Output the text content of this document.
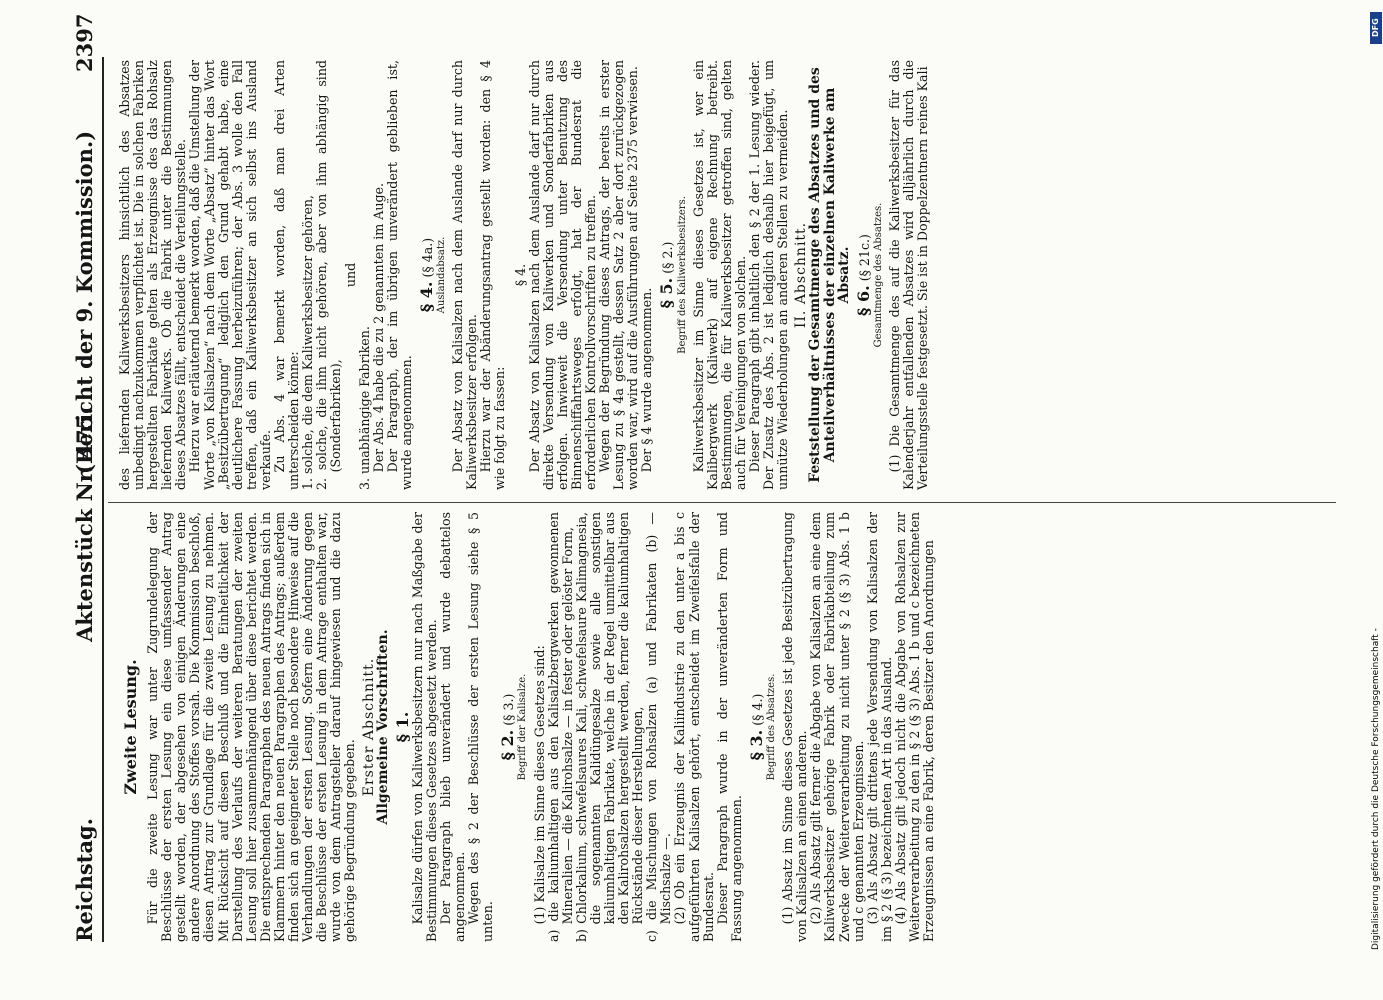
Reichstag.
Aktenstück Nr. 475.
(Bericht der 9. Kommission.)
2397
Zweite Lesung. Für die zweite Lesung war unter Zugrundelegung der Beschlüsse der ersten Lesung ein diese umfassender Antrag gestellt worden, der abgesehen von einigen Änderungen eine andere Anordnung des Stoffes vorsah. Die Kommission beschloß, diesen Antrag zur Grundlage für die zweite Lesung zu nehmen. Mit Rücksicht auf diesen Beschluß und die Einheitlichkeit der Darstellung des Verlaufs der weiteren Beratungen der zweiten Lesung soll hier zusammenhängend über diese berichtet werden. Die entsprechenden Paragraphen des neuen Antrags finden sich in Klammern hinter den neuen Paragraphen des Antrags; außerdem finden sich an geeigneter Stelle noch besondere Hinweise auf die Verhandlungen der ersten Lesung. Sofern eine Änderung gegen die Beschlüsse der ersten Lesung in dem Antrage enthalten war, wurde von dem Antragsteller darauf hingewiesen und die dazu gehörige Begründung gegeben.

Erster Abschnitt.
Allgemeine Vorschriften. § 1.

Kalisalze dürfen von Kaliwerksbesitzern nur nach Maßgabe der Bestimmungen dieses Gesetzes abgesetzt werden. Der Paragraph blieb unverändert und wurde debattelos angenommen. Wegen des § 2 der Beschlüsse der ersten Lesung siehe § 5 unten.

§ 2. (§ 3.) Begriff der Kalisalze. (1) Kalisalze im Sinne dieses Gesetzes sind: a) die kaliumhaltigen aus den Kalisalzbergwerken gewonnenen Mineralien — die Kalirohsalze — in fester oder gelöster Form, b) Chlorkalium, schwefelsaures Kali, schwefelsaure Kalimagnesia, die sogenannten Kalidüngesalze sowie alle sonstigen kaliumhaltigen Fabrikate, welche in der Regel unmittelbar aus den Kalirohsalzen hergestellt werden, ferner die kaliumhaltigen Rückstände dieser Herstellungen, c) die Mischungen von Rohsalzen (a) und Fabrikaten (b) — Mischsalze —. (2) Ob ein Erzeugnis der Kaliindustrie zu den unter a bis c aufgeführten Kalisalzen gehört, entscheidet im Zweifelsfalle der Bundesrat. Dieser Paragraph wurde in der unveränderten Form und Fassung angenommen.

§ 3. (§ 4.) Begriff des Absatzes. (1) Absatz im Sinne dieses Gesetzes ist jede Besitzübertragung von Kalisalzen an einen anderen. (2) Als Absatz gilt ferner die Abgabe von Kalisalzen an eine dem Kaliwerksbesitzer gehörige Fabrik oder Fabrikabteilung zum Zwecke der Weiterverarbeitung zu nicht unter § 2 (§ 3) Abs. 1 b und c genannten Erzeugnissen. (3) Als Absatz gilt drittens jede Versendung von Kalisalzen der im § 2 (§ 3) bezeichneten Art in das Ausland. (4) Als Absatz gilt jedoch nicht die Abgabe von Rohsalzen zur Weiterverarbeitung zu den in § 2 (§ 3) Abs. 1 b und c bezeichneten Erzeugnissen an eine Fabrik, deren Besitzer den Anordnungen

des liefernden Kaliwerksbesitzers hinsichtlich des Absatzes unbedingt nachzukommen verpflichtet ist. Die in solchen Fabriken hergestellten Fabrikate gelten als Erzeugnisse des das Rohsalz liefernden Kaliwerks. Ob die Fabrik unter die Bestimmungen dieses Absatzes fällt, entscheidet die Verteilungsstelle. Hierzu war erläuternd bemerkt worden, daß die Umstellung der Worte „von Kalisalzen“ nach dem Worte „Absatz“ hinter das Wort „Besitzübertragung“ lediglich den Grund gehabt habe, eine deutlichere Fassung herbeizuführen; der Abs. 3 wolle den Fall treffen, daß ein Kaliwerksbesitzer an sich selbst ins Ausland verkaufe. Zu Abs. 4 war bemerkt worden, daß man drei Arten unterscheiden könne: 1. solche, die dem Kaliwerksbesitzer gehören, 2. solche, die ihm nicht gehören, aber von ihm abhängig sind (Sonderfabriken),

und

3. unabhängige Fabriken. Der Abs. 4 habe die zu 2 genannten im Auge. Der Paragraph, der im übrigen unverändert geblieben ist, wurde angenommen.

§ 4. (§ 4a.) Auslandabsatz. Der Absatz von Kalisalzen nach dem Auslande darf nur durch Kaliwerksbesitzer erfolgen. Hierzu war der Abänderungsantrag gestellt worden: den § 4 wie folgt zu fassen:

§ 4. Der Absatz von Kalisalzen nach dem Auslande darf nur durch direkte Versendung von Kaliwerken und Sonderfabriken aus erfolgen. Inwieweit die Versendung unter Benutzung des Binnenschiffahrtsweges erfolgt, hat der Bundesrat die erforderlichen Kontrollvorschriften zu treffen. Wegen der Begründung dieses Antrags, der bereits in erster Lesung zu § 4a gestellt, dessen Satz 2 aber dort zurückgezogen worden war, wird auf die Ausführungen auf Seite 2375 verwiesen. Der § 4 wurde angenommen. § 5. (§ 2.) Begriff des Kaliwerksbesitzers. Kaliwerksbesitzer im Sinne dieses Gesetzes ist, wer ein Kalibergwerk (Kaliwerk) auf eigene Rechnung betreibt. Bestimmungen, die für Kaliwerksbesitzer getroffen sind, gelten auch für Vereinigungen von solchen. Dieser Paragraph gibt inhaltlich den § 2 der 1. Lesung wieder. Der Zusatz des Abs. 2 ist lediglich deshalb hier beigefügt, um unnütze Wiederholungen an anderen Stellen zu vermeiden. II. Abschnitt.
Feststellung der Gesamtmenge des Absatzes und des Anteilverhältnisses der einzelnen Kaliwerke am Absatz. § 6. (§ 21c.) Gesamtmenge des Absatzes. (1) Die Gesamtmenge des auf die Kaliwerksbesitzer für das Kalenderjahr entfallenden Absatzes wird alljährlich durch die Verteilungsstelle festgesetzt. Sie ist in Doppelzentnern reines Kali

DFG
Digitalisierung gefördert durch die Deutsche Forschungsgemeinschaft -
